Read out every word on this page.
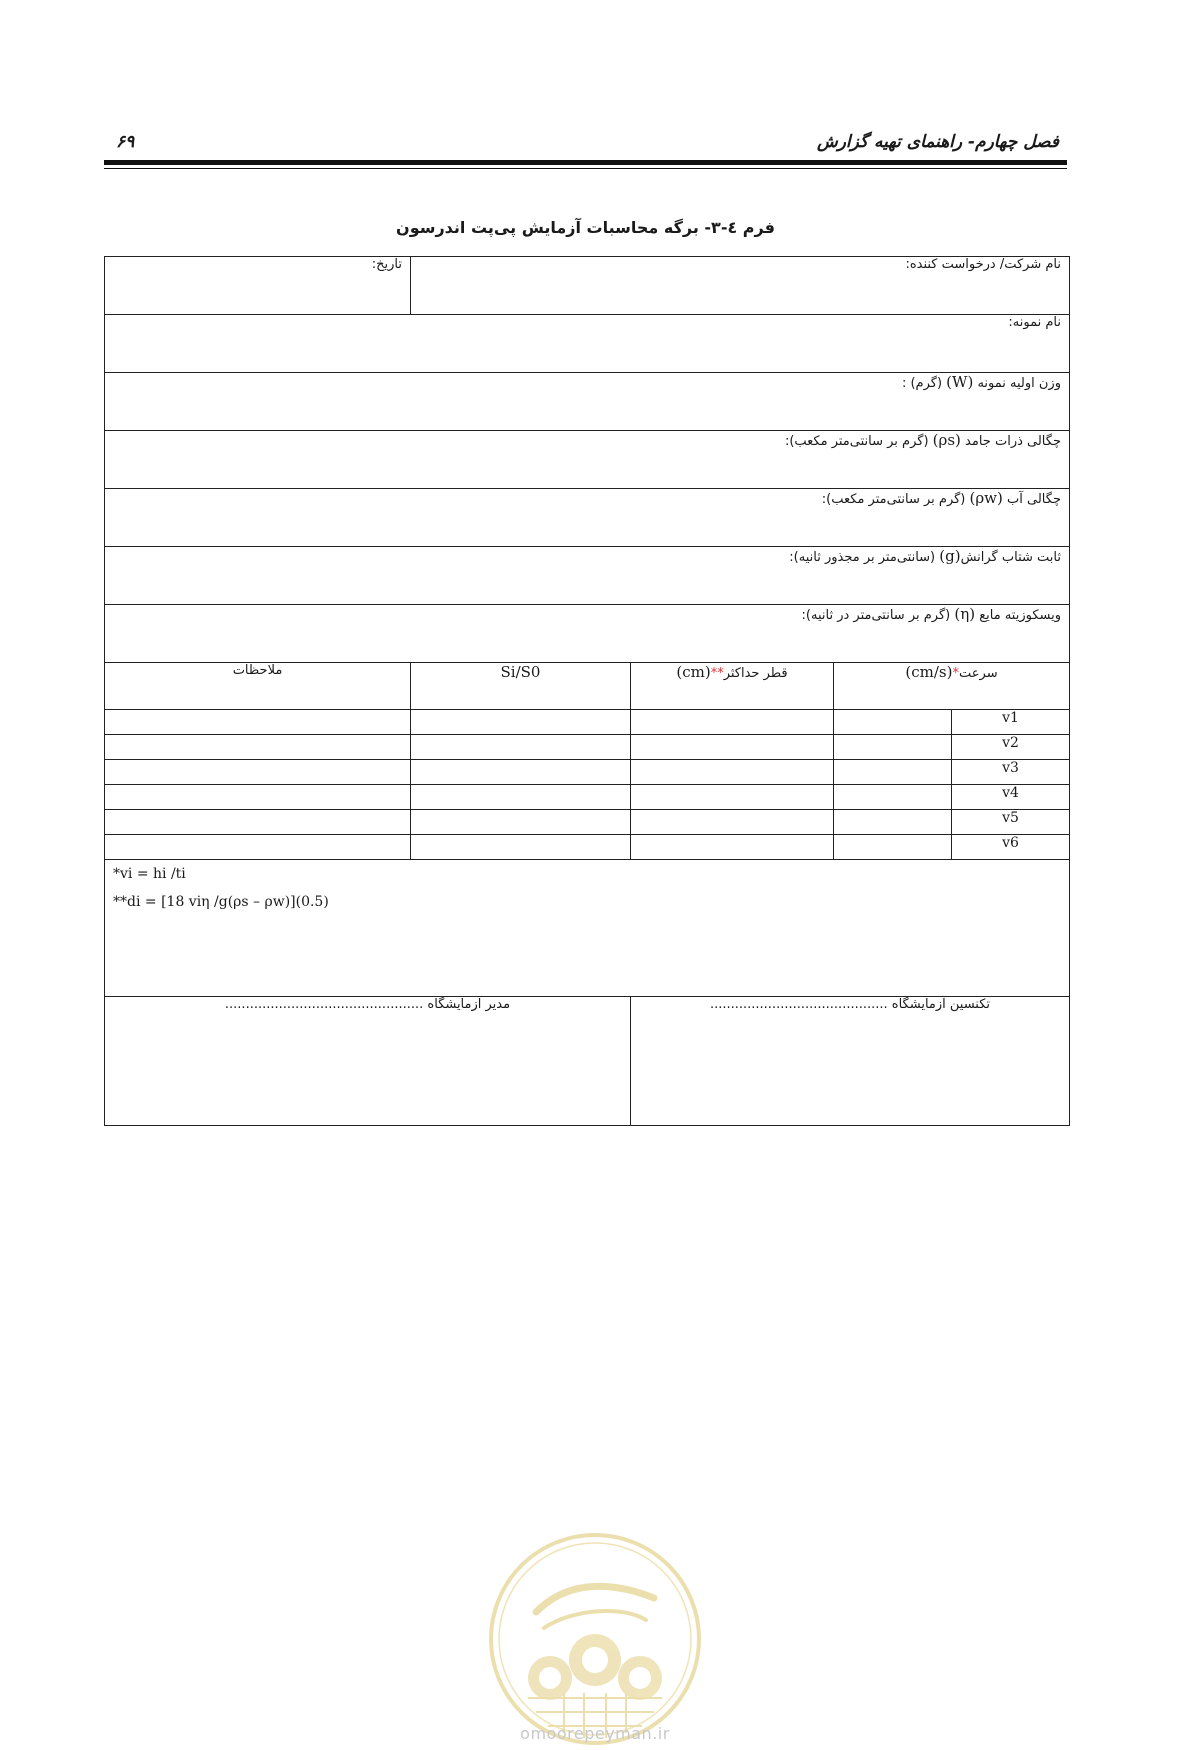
فصل چهارم- راهنمای تهیه گزارش
۶۹
فرم ٤-٣- برگه محاسبات آزمایش پی‌پت اندرسون
نام شرکت/ درخواست کننده:				تاریخ:
نام نمونه:				
وزن اولیه نمونه (W) (گرم) :				
چگالی ذرات جامد (ρs) (گرم بر سانتی‌متر مکعب):				
چگالی آب (ρw) (گرم بر سانتی‌متر مکعب):				
ثابت شتاب گرانش(g) (سانتی‌متر بر مجذور ثانیه):				
ویسکوزیته مایع (η) (گرم بر سانتی‌متر در ثانیه):				
سرعت*(cm/s)		قطر حداکثر**(cm)	Si/S0	ملاحظات
v1				
v2				
v3				
v4				
v5				
v6				

*vi = hi /ti
**di = [18 viη /g(ρs – ρw)](0.5)				

تکنسین آزمایشگاه ...........................................			مدیر آزمایشگاه ................................................	
omoorepeyman.ir
